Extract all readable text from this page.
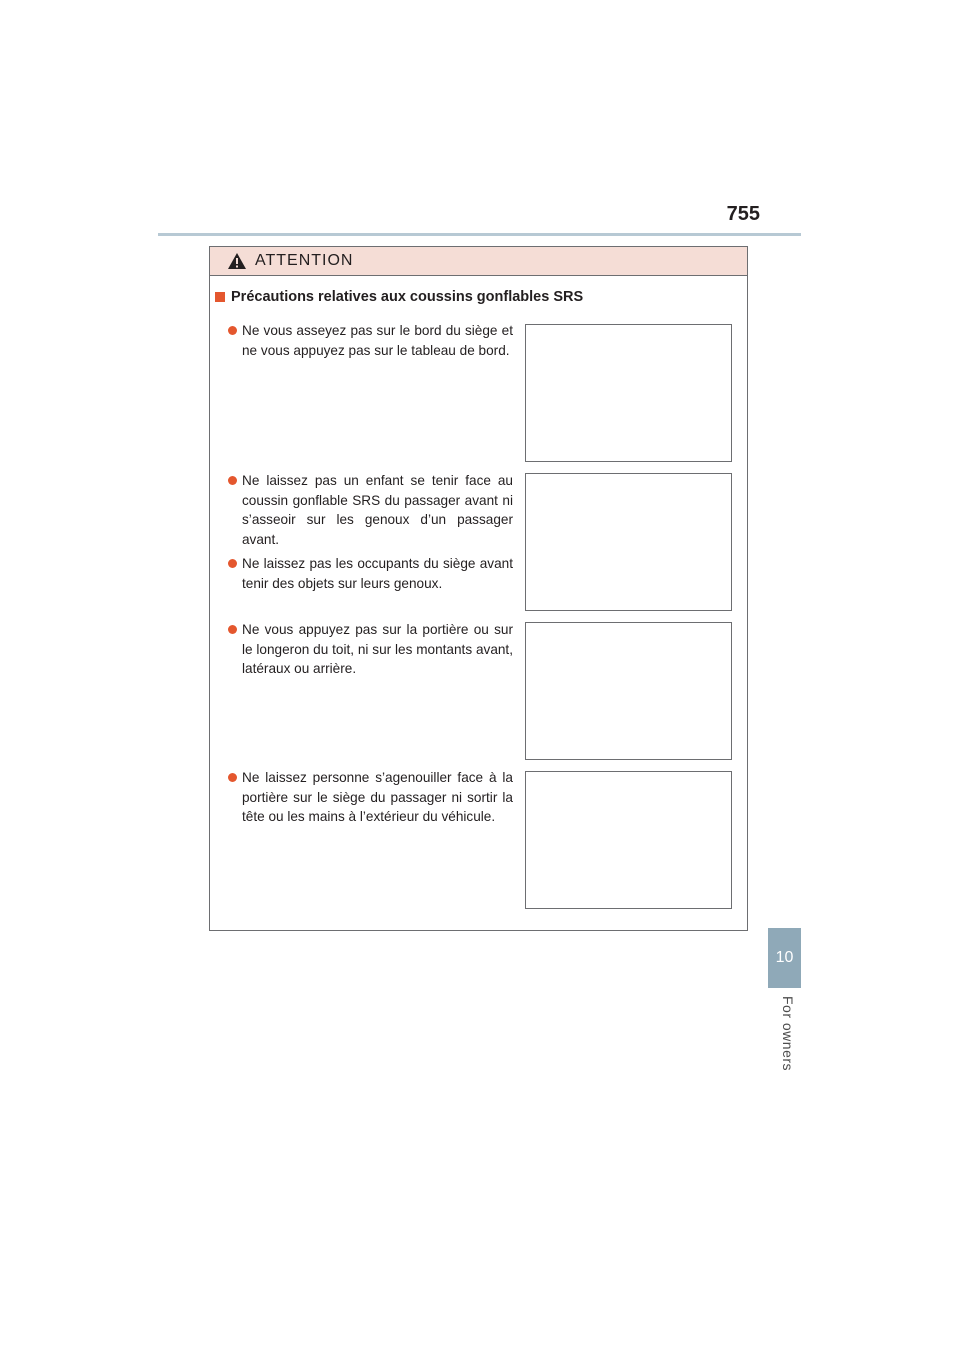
755
ATTENTION
Précautions relatives aux coussins gonflables SRS
Ne vous asseyez pas sur le bord du siège et ne vous appuyez pas sur le tableau de bord.
Ne laissez pas un enfant se tenir face au coussin gonflable SRS du passager avant ni s’asseoir sur les genoux d’un passager avant.
Ne laissez pas les occupants du siège avant tenir des objets sur leurs genoux.
Ne vous appuyez pas sur la portière ou sur le longeron du toit, ni sur les montants avant, latéraux ou arrière.
Ne laissez personne s’agenouiller face à la portière sur le siège du passager ni sortir la tête ou les mains à l’extérieur du véhicule.
10
For owners
